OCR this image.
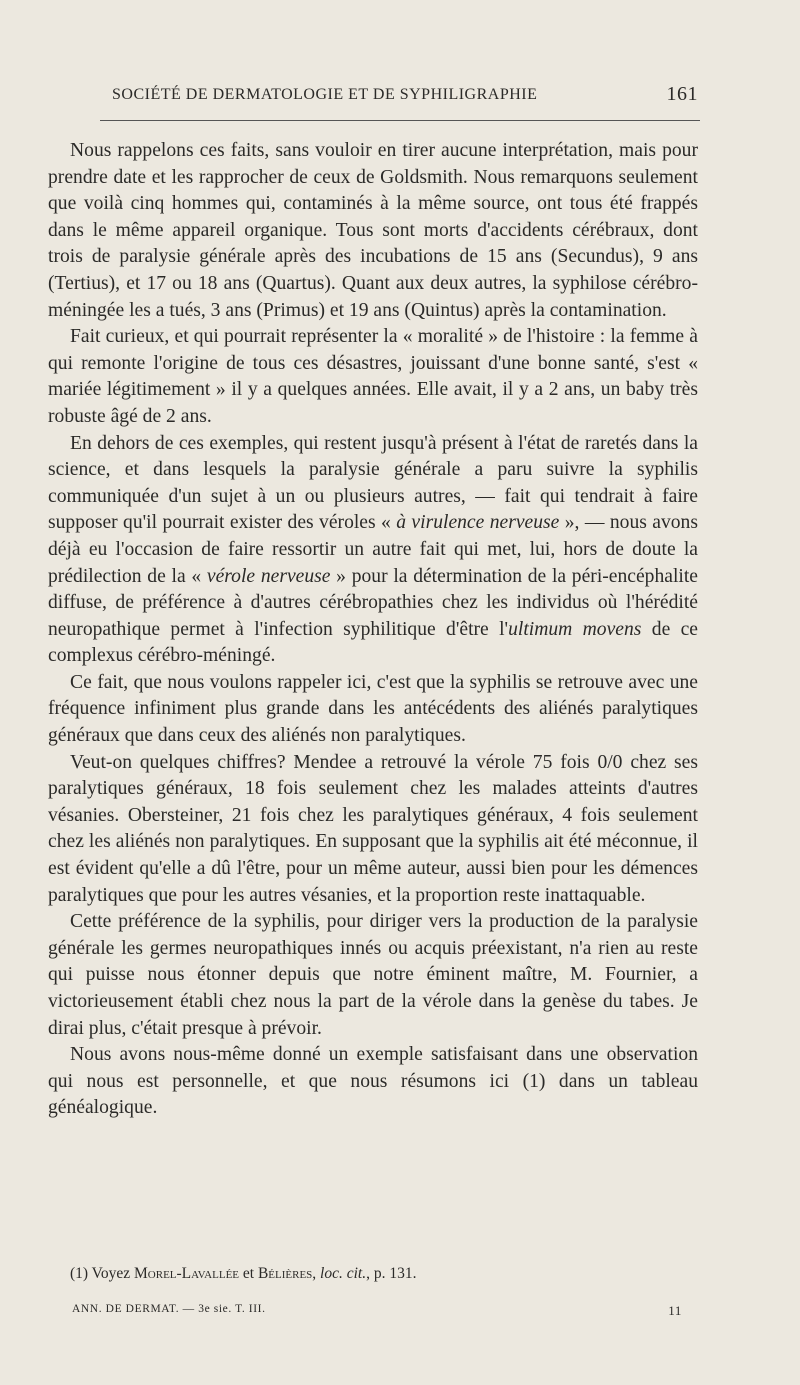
SOCIÉTÉ DE DERMATOLOGIE ET DE SYPHILIGRAPHIE	161

Nous rappelons ces faits, sans vouloir en tirer aucune interprétation, mais pour prendre date et les rapprocher de ceux de Goldsmith. Nous remarquons seulement que voilà cinq hommes qui, contaminés à la même source, ont tous été frappés dans le même appareil organique. Tous sont morts d'accidents cérébraux, dont trois de paralysie générale après des incubations de 15 ans (Secundus), 9 ans (Tertius), et 17 ou 18 ans (Quartus). Quant aux deux autres, la syphilose cérébro-méningée les a tués, 3 ans (Primus) et 19 ans (Quintus) après la contamination.

Fait curieux, et qui pourrait représenter la « moralité » de l'histoire : la femme à qui remonte l'origine de tous ces désastres, jouissant d'une bonne santé, s'est « mariée légitimement » il y a quelques années. Elle avait, il y a 2 ans, un baby très robuste âgé de 2 ans.

En dehors de ces exemples, qui restent jusqu'à présent à l'état de raretés dans la science, et dans lesquels la paralysie générale a paru suivre la syphilis communiquée d'un sujet à un ou plusieurs autres, — fait qui tendrait à faire supposer qu'il pourrait exister des véroles « à virulence nerveuse », — nous avons déjà eu l'occasion de faire ressortir un autre fait qui met, lui, hors de doute la prédilection de la « vérole nerveuse » pour la détermination de la péri-encéphalite diffuse, de préférence à d'autres cérébropathies chez les individus où l'hérédité neuropathique permet à l'infection syphilitique d'être l'ultimum movens de ce complexus cérébro-méningé.

Ce fait, que nous voulons rappeler ici, c'est que la syphilis se retrouve avec une fréquence infiniment plus grande dans les antécédents des aliénés paralytiques généraux que dans ceux des aliénés non paralytiques.

Veut-on quelques chiffres? Mendee a retrouvé la vérole 75 fois 0/0 chez ses paralytiques généraux, 18 fois seulement chez les malades atteints d'autres vésanies. Obersteiner, 21 fois chez les paralytiques généraux, 4 fois seulement chez les aliénés non paralytiques. En supposant que la syphilis ait été méconnue, il est évident qu'elle a dû l'être, pour un même auteur, aussi bien pour les démences paralytiques que pour les autres vésanies, et la proportion reste inattaquable.

Cette préférence de la syphilis, pour diriger vers la production de la paralysie générale les germes neuropathiques innés ou acquis préexistant, n'a rien au reste qui puisse nous étonner depuis que notre éminent maître, M. Fournier, a victorieusement établi chez nous la part de la vérole dans la genèse du tabes. Je dirai plus, c'était presque à prévoir.

Nous avons nous-même donné un exemple satisfaisant dans une observation qui nous est personnelle, et que nous résumons ici (1) dans un tableau généalogique.

(1) Voyez Morel-Lavallée et Bélières, loc. cit., p. 131.
ANN. DE DERMAT. — 3e sie. T. III.	11
